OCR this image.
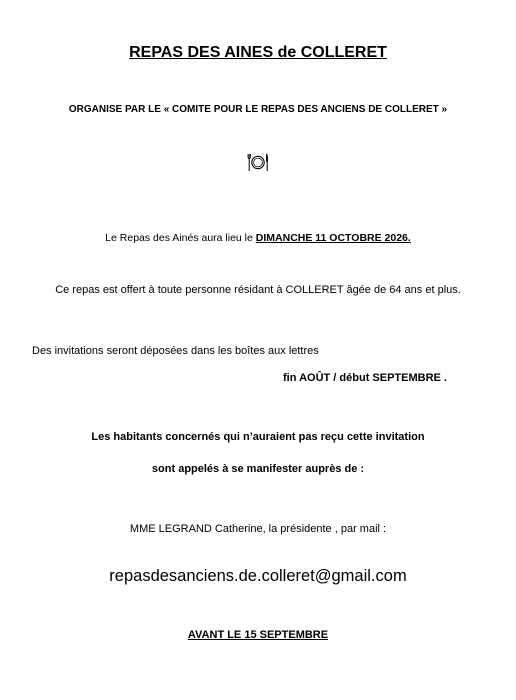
REPAS DES AINES de COLLERET
ORGANISE PAR LE « COMITE POUR LE REPAS DES ANCIENS DE COLLERET »
Le Repas des Ainés aura lieu le DIMANCHE 11 OCTOBRE 2026.
Ce repas est offert à toute personne résidant à COLLERET âgée de 64 ans et plus.
Des invitations seront déposées dans les boîtes aux lettres
fin AOÛT / début SEPTEMBRE .
Les habitants concernés qui n’auraient pas reçu cette invitation
sont appelés à se manifester auprès de :
MME LEGRAND Catherine, la présidente , par mail :
repasdesanciens.de.colleret@gmail.com
AVANT LE 15 SEPTEMBRE
